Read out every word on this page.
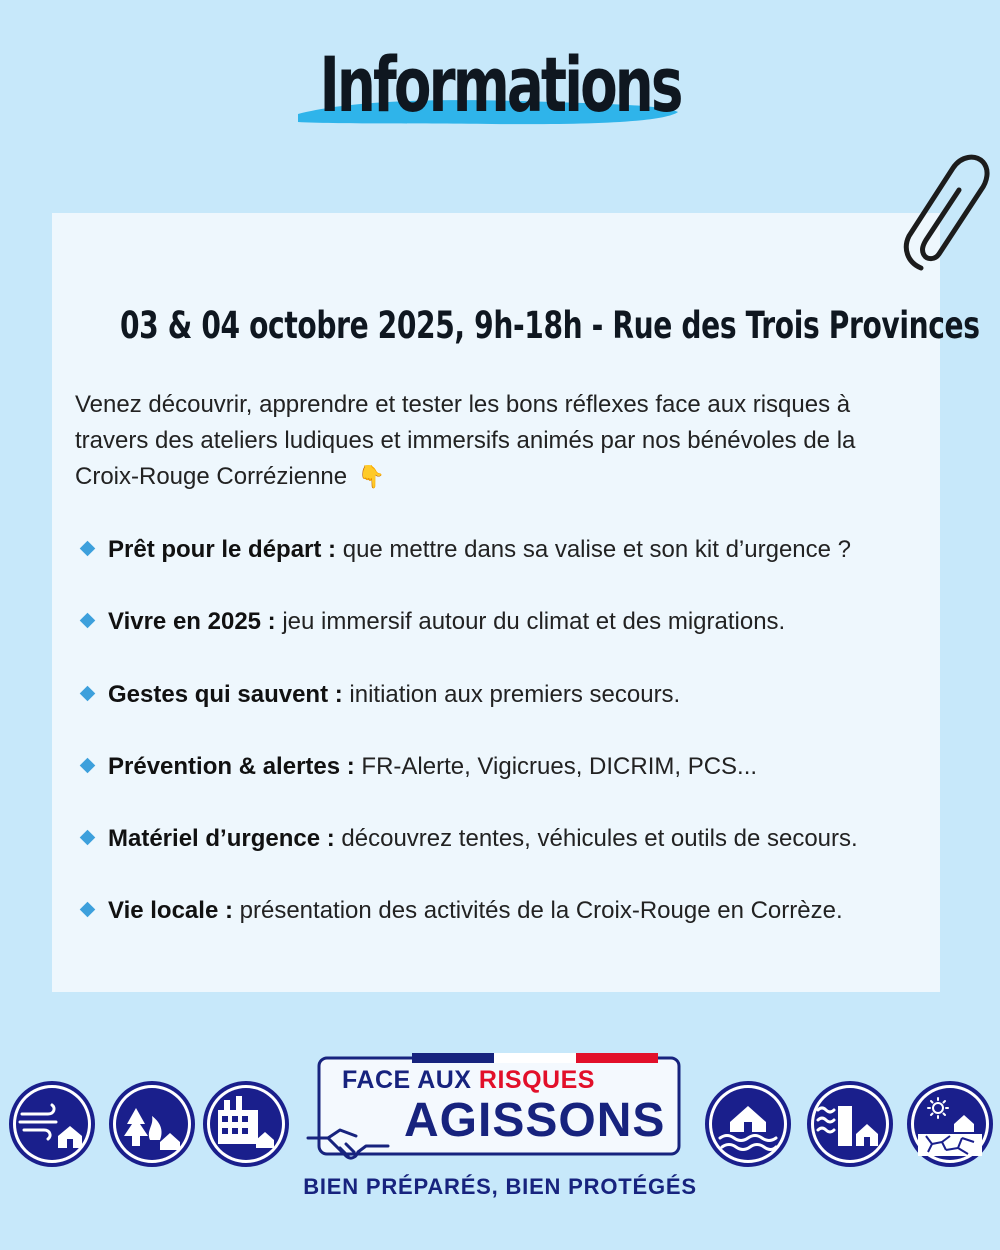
Informations
03 & 04 octobre 2025, 9h-18h - Rue des Trois Provinces

Venez découvrir, apprendre et tester les bons réflexes face aux risques à travers des ateliers ludiques et immersifs animés par nos bénévoles de la Croix-Rouge Corrézienne 👇

Prêt pour le départ : que mettre dans sa valise et son kit d’urgence ?
Vivre en 2025 : jeu immersif autour du climat et des migrations.
Gestes qui sauvent : initiation aux premiers secours.
Prévention & alertes : FR-Alerte, Vigicrues, DICRIM, PCS...
Matériel d’urgence : découvrez tentes, véhicules et outils de secours.
Vie locale : présentation des activités de la Croix-Rouge en Corrèze.
FACE AUX RISQUES
AGISSONS
BIEN PRÉPARÉS, BIEN PROTÉGÉS
